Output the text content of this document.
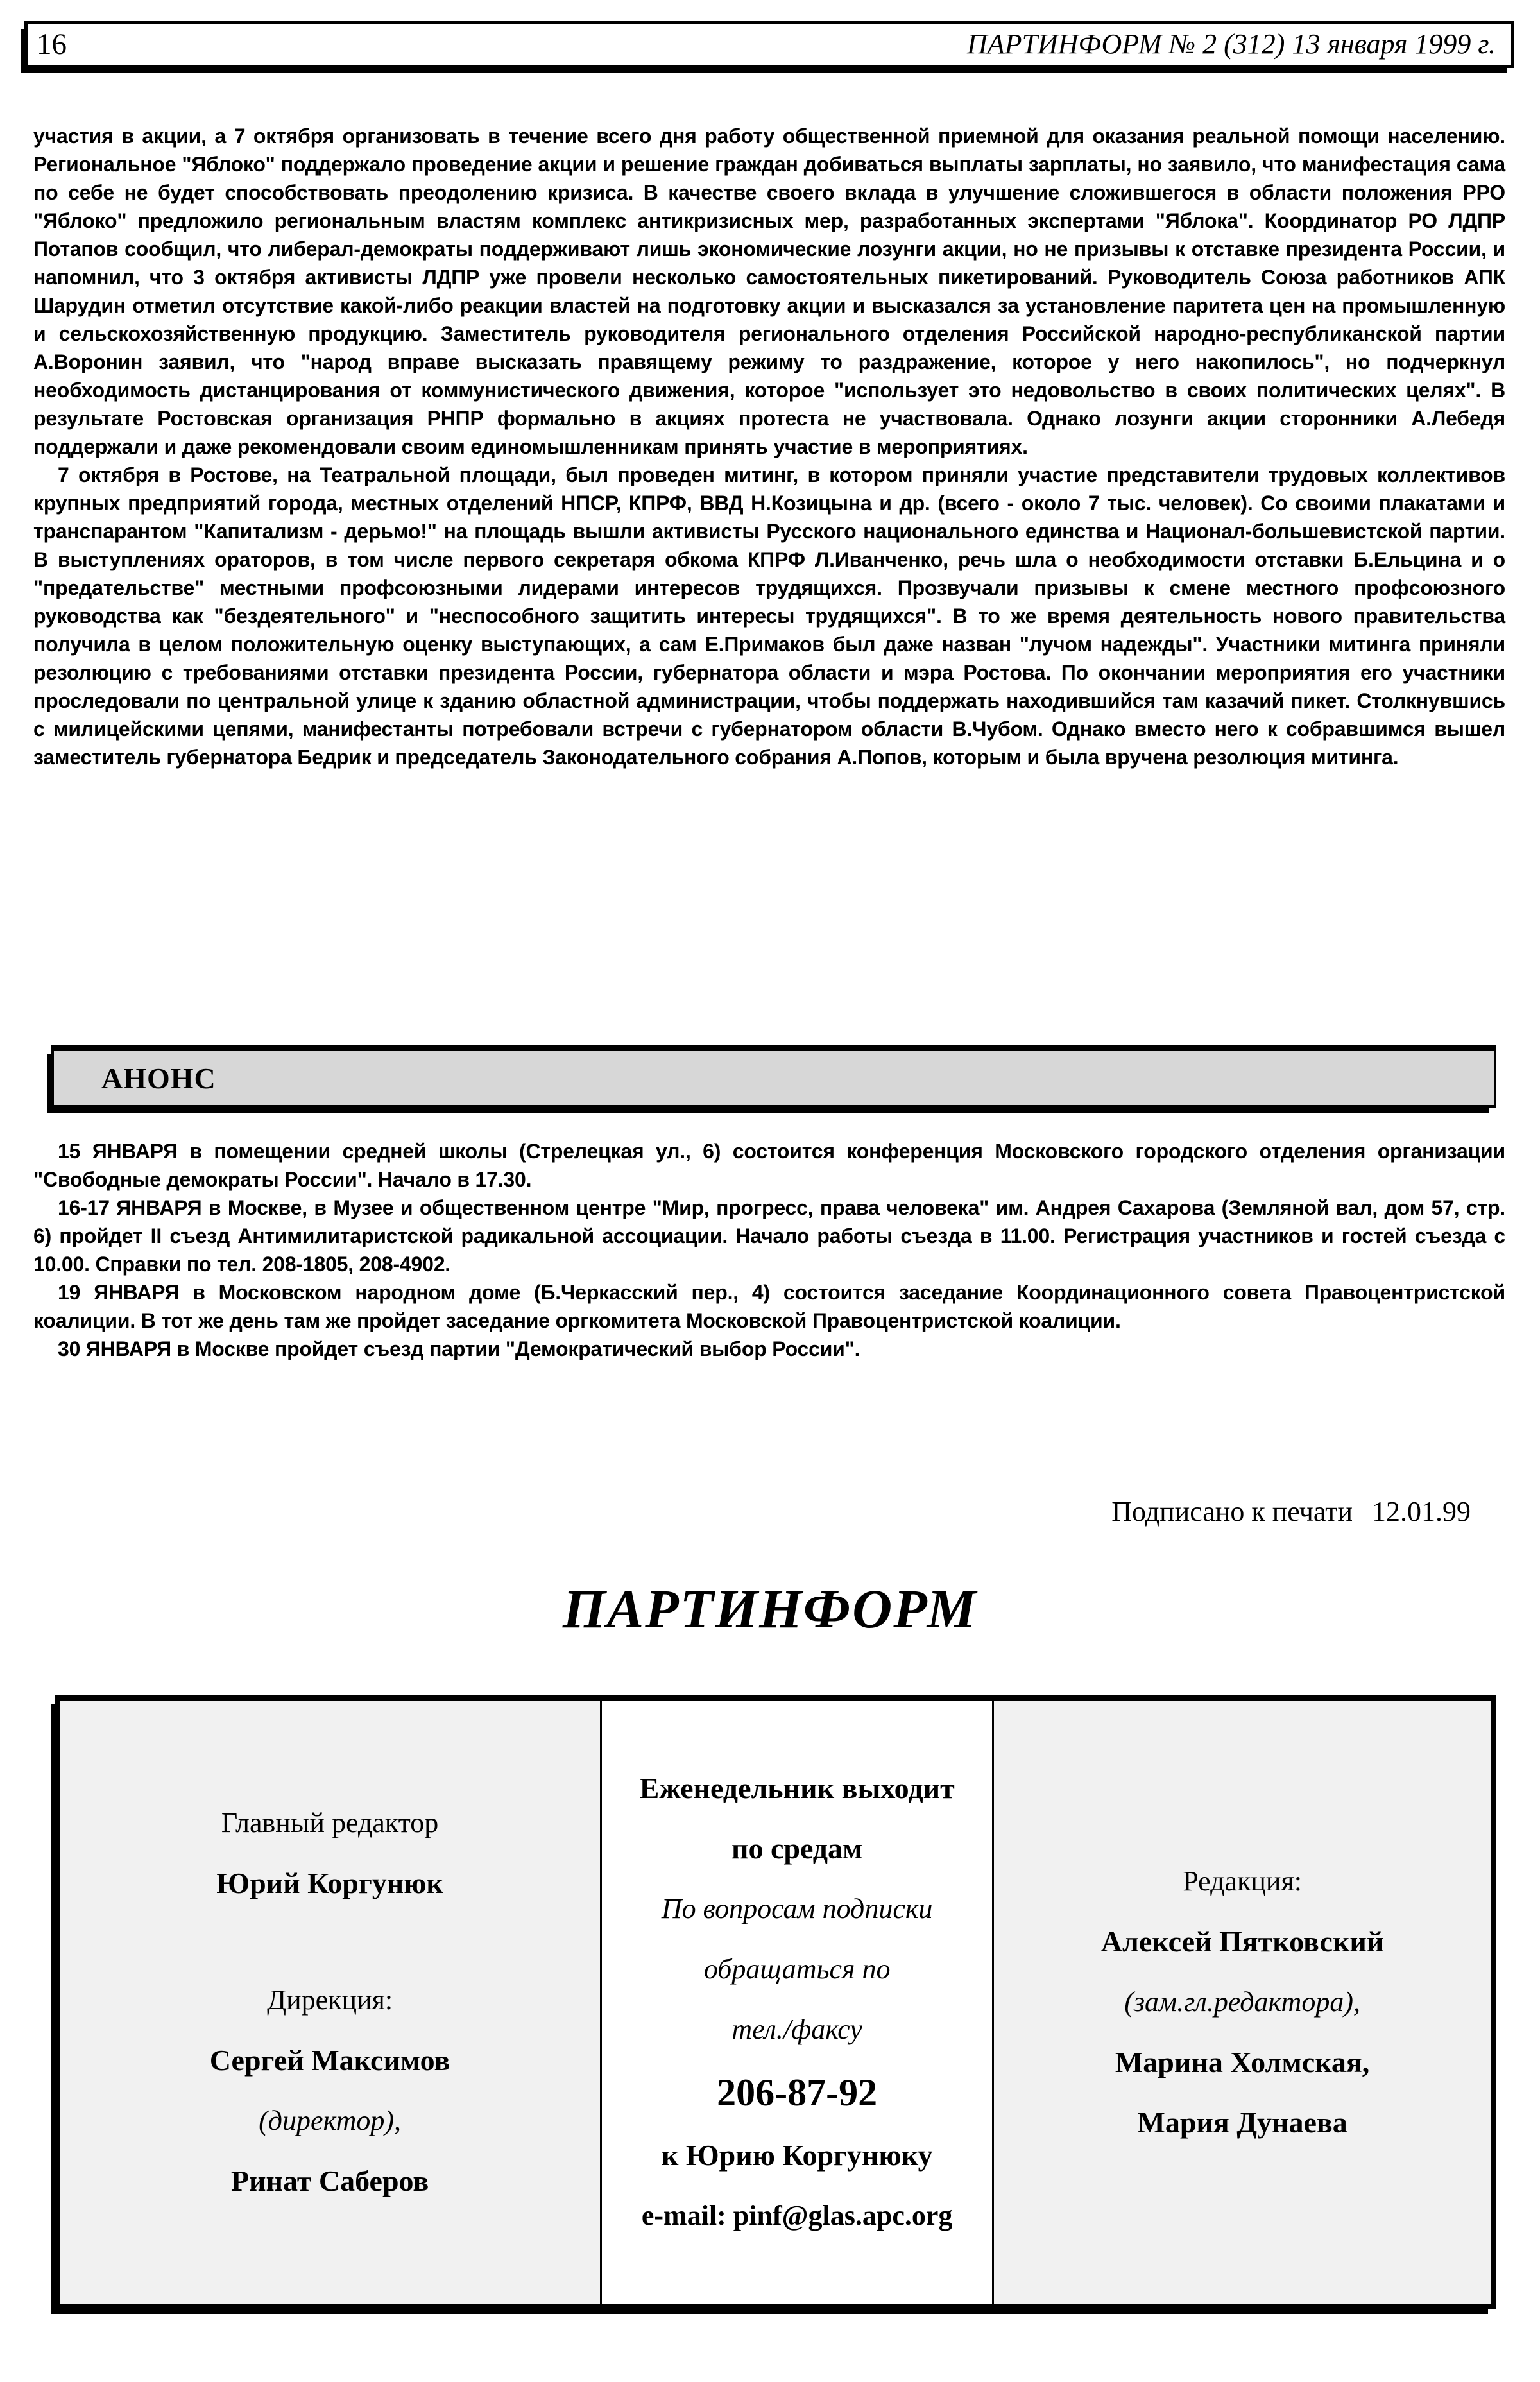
16	ПАРТИНФОРМ № 2 (312) 13 января 1999 г.

участия в акции, а 7 октября организовать в течение всего дня работу общественной приемной для оказания реальной помощи населению. Региональное "Яблоко" поддержало проведение акции и решение граждан добиваться выплаты зарплаты, но заявило, что манифестация сама по себе не будет способствовать преодолению кризиса. В качестве своего вклада в улучшение сложившегося в области положения РРО "Яблоко" предложило региональным властям комплекс антикризисных мер, разработанных экспертами "Яблока". Координатор РО ЛДПР Потапов сообщил, что либерал-демократы поддерживают лишь экономические лозунги акции, но не призывы к отставке президента России, и напомнил, что 3 октября активисты ЛДПР уже провели несколько самостоятельных пикетирований. Руководитель Союза работников АПК Шарудин отметил отсутствие какой-либо реакции властей на подготовку акции и высказался за установление паритета цен на промышленную и сельскохозяйственную продукцию. Заместитель руководителя регионального отделения Российской народно-республиканской партии А.Воронин заявил, что "народ вправе высказать правящему режиму то раздражение, которое у него накопилось", но подчеркнул необходимость дистанцирования от коммунистического движения, которое "использует это недовольство в своих политических целях". В результате Ростовская организация РНПР формально в акциях протеста не участвовала. Однако лозунги акции сторонники А.Лебедя поддержали и даже рекомендовали своим единомышленникам принять участие в мероприятиях.

7 октября в Ростове, на Театральной площади, был проведен митинг, в котором приняли участие представители трудовых коллективов крупных предприятий города, местных отделений НПСР, КПРФ, ВВД Н.Козицына и др. (всего - около 7 тыс. человек). Со своими плакатами и транспарантом "Капитализм - дерьмо!" на площадь вышли активисты Русского национального единства и Национал-большевистской партии. В выступлениях ораторов, в том числе первого секретаря обкома КПРФ Л.Иванченко, речь шла о необходимости отставки Б.Ельцина и о "предательстве" местными профсоюзными лидерами интересов трудящихся. Прозвучали призывы к смене местного профсоюзного руководства как "бездеятельного" и "неспособного защитить интересы трудящихся". В то же время деятельность нового правительства получила в целом положительную оценку выступающих, а сам Е.Примаков был даже назван "лучом надежды". Участники митинга приняли резолюцию с требованиями отставки президента России, губернатора области и мэра Ростова. По окончании мероприятия его участники проследовали по центральной улице к зданию областной администрации, чтобы поддержать находившийся там казачий пикет. Столкнувшись с милицейскими цепями, манифестанты потребовали встречи с губернатором области В.Чубом. Однако вместо него к собравшимся вышел заместитель губернатора Бедрик и председатель Законодательного собрания А.Попов, которым и была вручена резолюция митинга.

АНОНС

15 ЯНВАРЯ в помещении средней школы (Стрелецкая ул., 6) состоится конференция Московского городского отделения организации "Свободные демократы России". Начало в 17.30.

16-17 ЯНВАРЯ в Москве, в Музее и общественном центре "Мир, прогресс, права человека" им. Андрея Сахарова (Земляной вал, дом 57, стр. 6) пройдет II съезд Антимилитаристской радикальной ассоциации. Начало работы съезда в 11.00. Регистрация участников и гостей съезда с 10.00. Справки по тел. 208-1805, 208-4902.

19 ЯНВАРЯ в Московском народном доме (Б.Черкасский пер., 4) состоится заседание Координационного совета Правоцентристской коалиции. В тот же день там же пройдет заседание оргкомитета Московской Правоцентристской коалиции.

30 ЯНВАРЯ в Москве пройдет съезд партии "Демократический выбор России".

Подписано к печати 12.01.99
ПАРТИНФОРМ
Главный редактор
Юрий Коргунюк
Дирекция:
Сергей Максимов
(директор),
Ринат Саберов
Еженедельник выходит
по средам
По вопросам подписки
обращаться по
тел./факсу
206-87-92
к Юрию Коргунюку
e-mail: pinf@glas.apc.org
Редакция:
Алексей Пятковский
(зам.гл.редактора),
Марина Холмская,
Мария Дунаева
